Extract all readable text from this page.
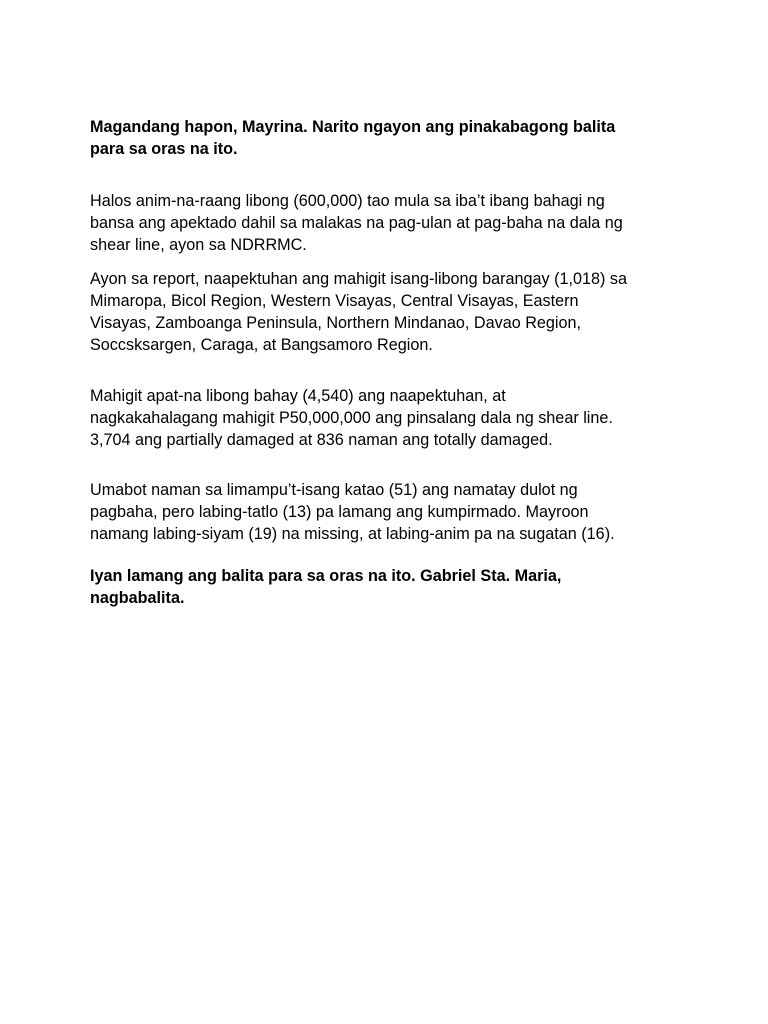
Magandang hapon, Mayrina. Narito ngayon ang pinakabagong balita
para sa oras na ito.

Halos anim-na-raang libong (600,000) tao mula sa iba’t ibang bahagi ng
bansa ang apektado dahil sa malakas na pag-ulan at pag-baha na dala ng
shear line, ayon sa NDRRMC.

Ayon sa report, naapektuhan ang mahigit isang-libong barangay (1,018) sa
Mimaropa, Bicol Region, Western Visayas, Central Visayas, Eastern
Visayas, Zamboanga Peninsula, Northern Mindanao, Davao Region,
Soccsksargen, Caraga, at Bangsamoro Region.

Mahigit apat-na libong bahay (4,540) ang naapektuhan, at
nagkakahalagang mahigit P50,000,000 ang pinsalang dala ng shear line.
3,704 ang partially damaged at 836 naman ang totally damaged.

Umabot naman sa limampu’t-isang katao (51) ang namatay dulot ng
pagbaha, pero labing-tatlo (13) pa lamang ang kumpirmado. Mayroon
namang labing-siyam (19) na missing, at labing-anim pa na sugatan (16).

Iyan lamang ang balita para sa oras na ito. Gabriel Sta. Maria,
nagbabalita.
